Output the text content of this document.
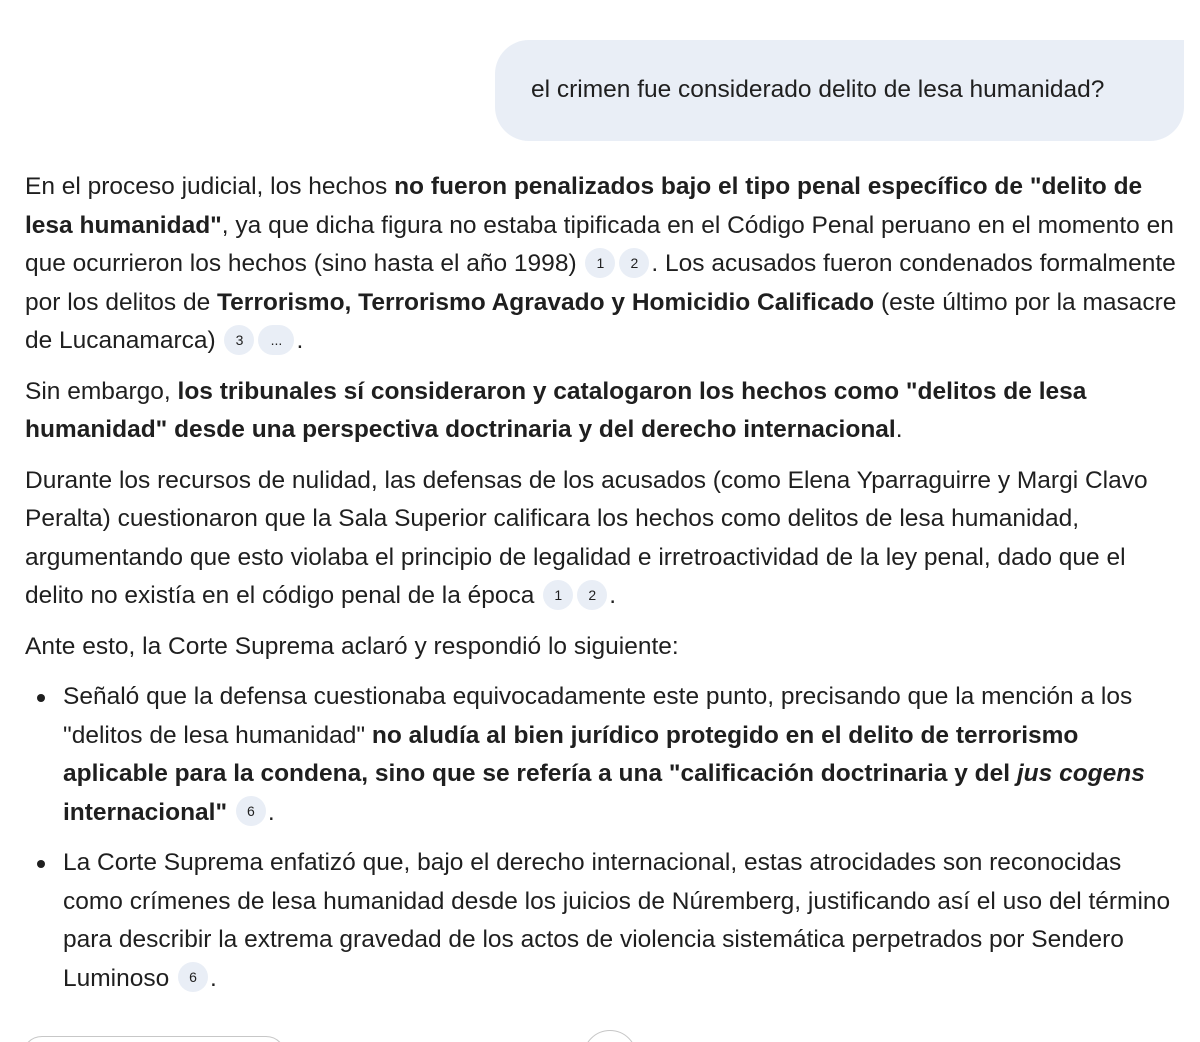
el crimen fue considerado delito de lesa humanidad?

En el proceso judicial, los hechos no fueron penalizados bajo el tipo penal específico de "delito de lesa humanidad", ya que dicha figura no estaba tipificada en el Código Penal peruano en el momento en que ocurrieron los hechos (sino hasta el año 1998) 1 2 . Los acusados fueron condenados formalmente por los delitos de Terrorismo, Terrorismo Agravado y Homicidio Calificado (este último por la masacre de Lucanamarca) 3 ... .

Sin embargo, los tribunales sí consideraron y catalogaron los hechos como "delitos de lesa humanidad" desde una perspectiva doctrinaria y del derecho internacional.

Durante los recursos de nulidad, las defensas de los acusados (como Elena Yparraguirre y Margi Clavo Peralta) cuestionaron que la Sala Superior calificara los hechos como delitos de lesa humanidad, argumentando que esto violaba el principio de legalidad e irretroactividad de la ley penal, dado que el delito no existía en el código penal de la época 1 2 .

Ante esto, la Corte Suprema aclaró y respondió lo siguiente:

Señaló que la defensa cuestionaba equivocadamente este punto, precisando que la mención a los "delitos de lesa humanidad" no aludía al bien jurídico protegido en el delito de terrorismo aplicable para la condena, sino que se refería a una "calificación doctrinaria y del jus cogens internacional" 6 .
La Corte Suprema enfatizó que, bajo el derecho internacional, estas atrocidades son reconocidas como crímenes de lesa humanidad desde los juicios de Núremberg, justificando así el uso del término para describir la extrema gravedad de los actos de violencia sistemática perpetrados por Sendero Luminoso 6 .
